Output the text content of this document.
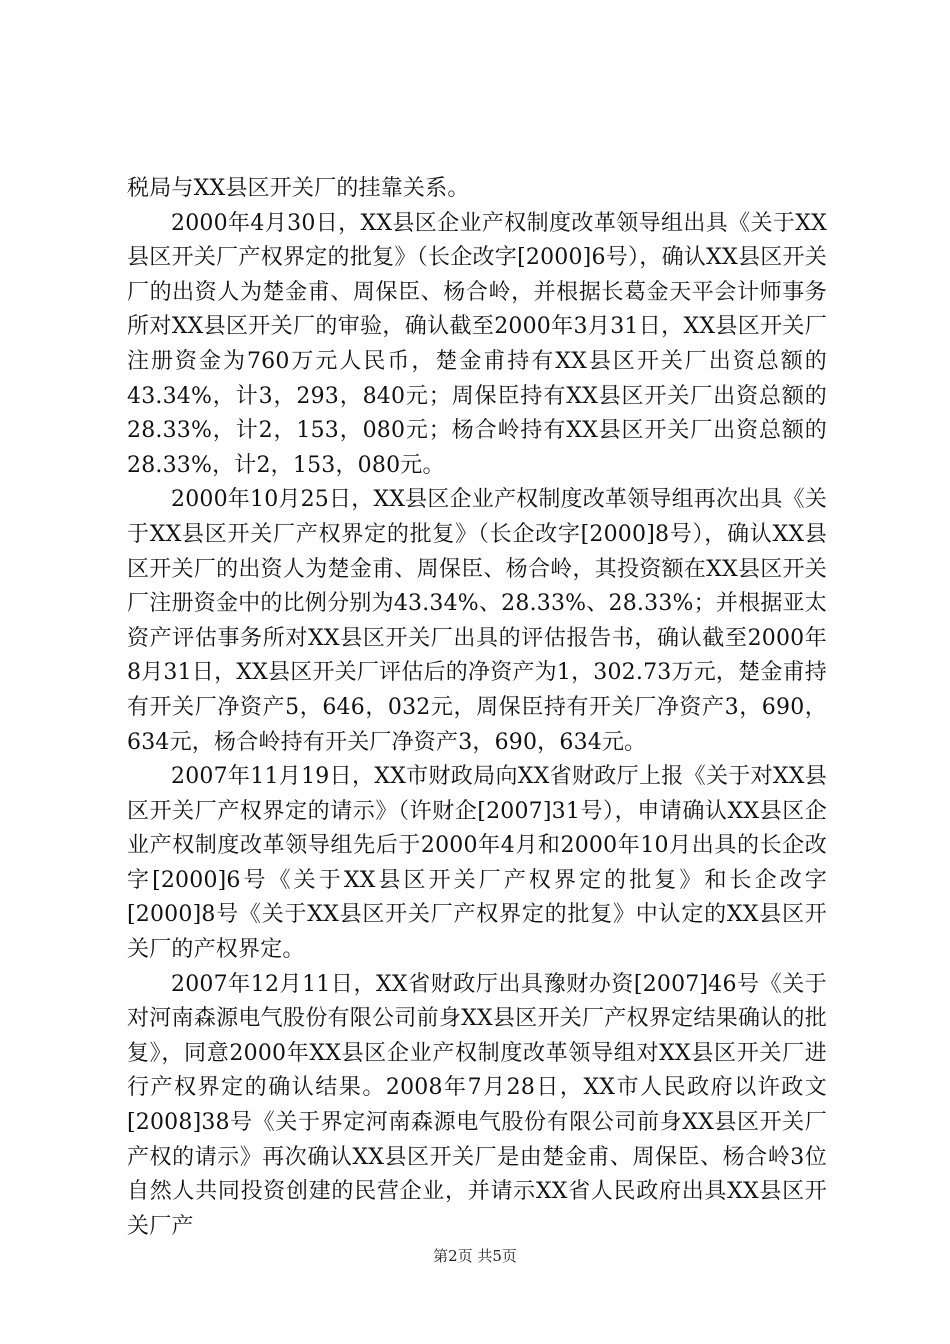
税局与XX县区开关厂的挂靠关系。

2000年4月30日，XX县区企业产权制度改革领导组出具《关于XX县区开关厂产权界定的批复》（长企改字[2000]6号），确认XX县区开关厂的出资人为楚金甫、周保臣、杨合岭，并根据长葛金天平会计师事务所对XX县区开关厂的审验，确认截至2000年3月31日，XX县区开关厂注册资金为760万元人民币，楚金甫持有XX县区开关厂出资总额的43.34%，计3，293，840元；周保臣持有XX县区开关厂出资总额的28.33%，计2，153，080元；杨合岭持有XX县区开关厂出资总额的28.33%，计2，153，080元。

2000年10月25日，XX县区企业产权制度改革领导组再次出具《关于XX县区开关厂产权界定的批复》（长企改字[2000]8号），确认XX县区开关厂的出资人为楚金甫、周保臣、杨合岭，其投资额在XX县区开关厂注册资金中的比例分别为43.34%、28.33%、28.33%；并根据亚太资产评估事务所对XX县区开关厂出具的评估报告书，确认截至2000年8月31日，XX县区开关厂评估后的净资产为1，302.73万元，楚金甫持有开关厂净资产5，646，032元，周保臣持有开关厂净资产3，690，634元，杨合岭持有开关厂净资产3，690，634元。

2007年11月19日，XX市财政局向XX省财政厅上报《关于对XX县区开关厂产权界定的请示》（许财企[2007]31号），申请确认XX县区企业产权制度改革领导组先后于2000年4月和2000年10月出具的长企改字[2000]6号《关于XX县区开关厂产权界定的批复》和长企改字[2000]8号《关于XX县区开关厂产权界定的批复》中认定的XX县区开关厂的产权界定。

2007年12月11日，XX省财政厅出具豫财办资[2007]46号《关于对河南森源电气股份有限公司前身XX县区开关厂产权界定结果确认的批复》，同意2000年XX县区企业产权制度改革领导组对XX县区开关厂进行产权界定的确认结果。2008年7月28日，XX市人民政府以许政文[2008]38号《关于界定河南森源电气股份有限公司前身XX县区开关厂产权的请示》再次确认XX县区开关厂是由楚金甫、周保臣、杨合岭3位自然人共同投资创建的民营企业，并请示XX省人民政府出具XX县区开关厂产

第2页 共5页
